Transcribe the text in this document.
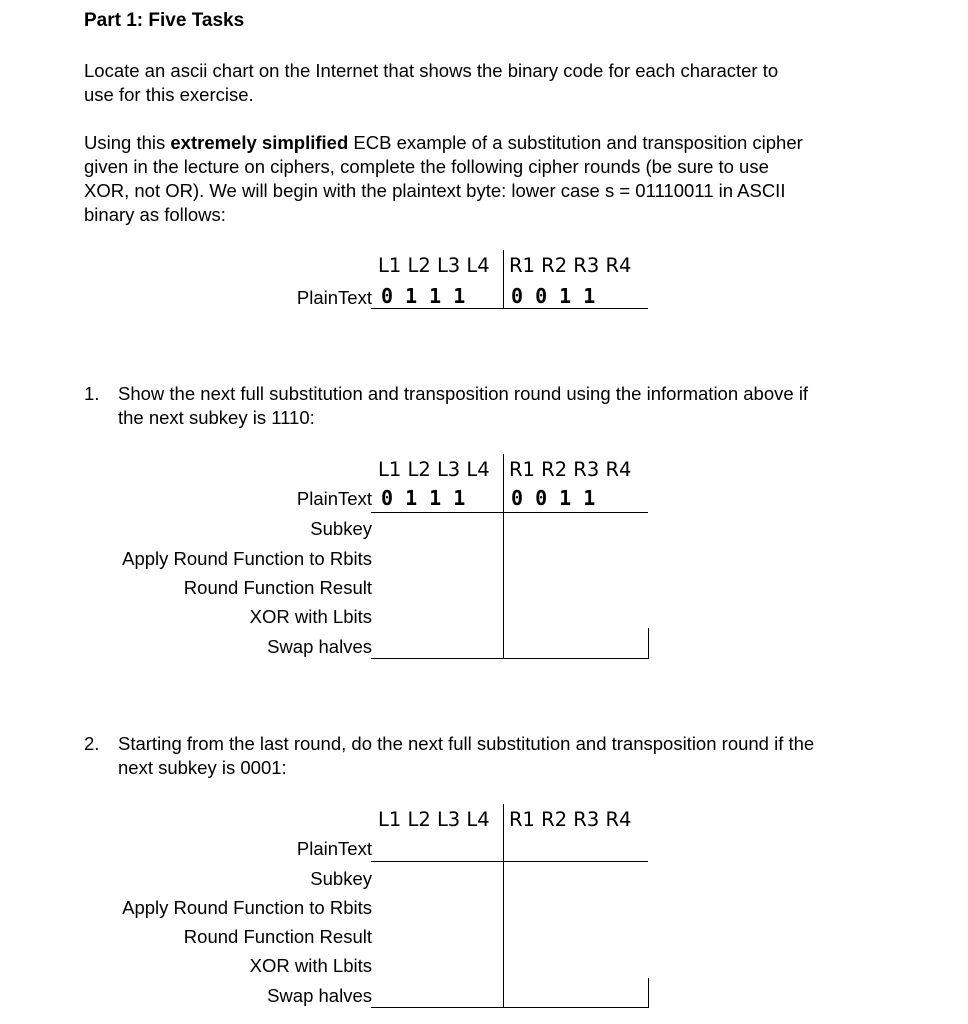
Part 1: Five Tasks
Locate an ascii chart on the Internet that shows the binary code for each character to
use for this exercise.
Using this extremely simplified ECB example of a substitution and transposition cipher
given in the lecture on ciphers, complete the following cipher rounds (be sure to use
XOR, not OR). We will begin with the plaintext byte: lower case s = 01110011 in ASCII
binary as follows:
L1 L2 L3 L4 R1 R2 R3 R4
PlainText 0 1 1 1 0 0 1 1
1. Show the next full substitution and transposition round using the information above if
the next subkey is 1110:
L1 L2 L3 L4 R1 R2 R3 R4
PlainText 0 1 1 1 0 0 1 1
Subkey
Apply Round Function to Rbits
Round Function Result
XOR with Lbits
Swap halves
2. Starting from the last round, do the next full substitution and transposition round if the
next subkey is 0001:
L1 L2 L3 L4 R1 R2 R3 R4
PlainText
Subkey
Apply Round Function to Rbits
Round Function Result
XOR with Lbits
Swap halves
